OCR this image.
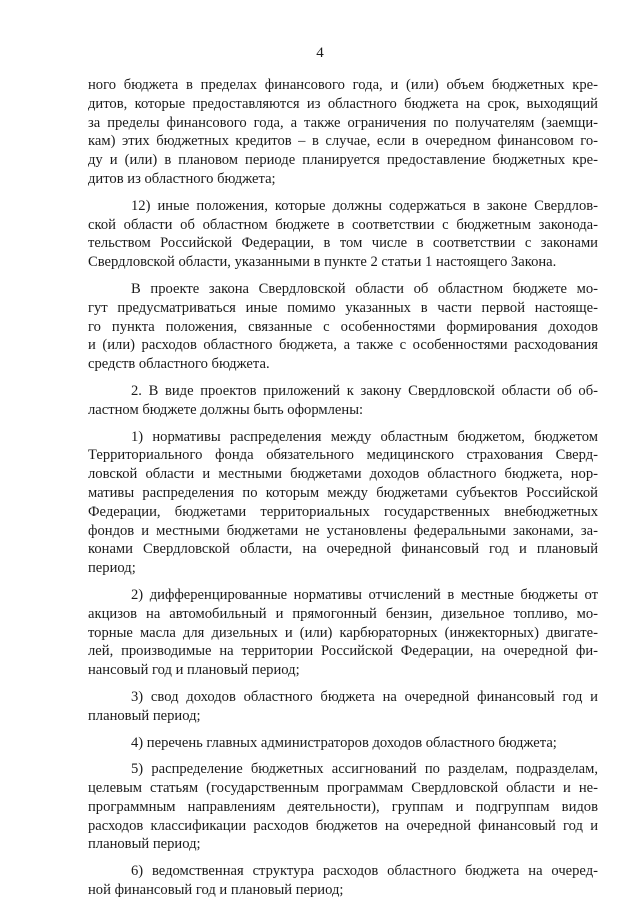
4
ного бюджета в пределах финансового года, и (или) объем бюджетных кре-
дитов, которые предоставляются из областного бюджета на срок, выходящий
за пределы финансового года, а также ограничения по получателям (заемщи-
кам) этих бюджетных кредитов – в случае, если в очередном финансовом го-
ду и (или) в плановом периоде планируется предоставление бюджетных кре-
дитов из областного бюджета;
12) иные положения, которые должны содержаться в законе Свердлов-
ской области об областном бюджете в соответствии с бюджетным законода-
тельством Российской Федерации, в том числе в соответствии с законами
Свердловской области, указанными в пункте 2 статьи 1 настоящего Закона.
В проекте закона Свердловской области об областном бюджете мо-
гут предусматриваться иные помимо указанных в части первой настояще-
го пункта положения, связанные с особенностями формирования доходов
и (или) расходов областного бюджета, а также с особенностями расходования
средств областного бюджета.
2. В виде проектов приложений к закону Свердловской области об об-
ластном бюджете должны быть оформлены:
1) нормативы распределения между областным бюджетом, бюджетом
Территориального фонда обязательного медицинского страхования Сверд-
ловской области и местными бюджетами доходов областного бюджета, нор-
мативы распределения по которым между бюджетами субъектов Российской
Федерации, бюджетами территориальных государственных внебюджетных
фондов и местными бюджетами не установлены федеральными законами, за-
конами Свердловской области, на очередной финансовый год и плановый
период;
2) дифференцированные нормативы отчислений в местные бюджеты от
акцизов на автомобильный и прямогонный бензин, дизельное топливо, мо-
торные масла для дизельных и (или) карбюраторных (инжекторных) двигате-
лей, производимые на территории Российской Федерации, на очередной фи-
нансовый год и плановый период;
3) свод доходов областного бюджета на очередной финансовый год и
плановый период;
4) перечень главных администраторов доходов областного бюджета;
5) распределение бюджетных ассигнований по разделам, подразделам,
целевым статьям (государственным программам Свердловской области и не-
программным направлениям деятельности), группам и подгруппам видов
расходов классификации расходов бюджетов на очередной финансовый год и
плановый период;
6) ведомственная структура расходов областного бюджета на очеред-
ной финансовый год и плановый период;
